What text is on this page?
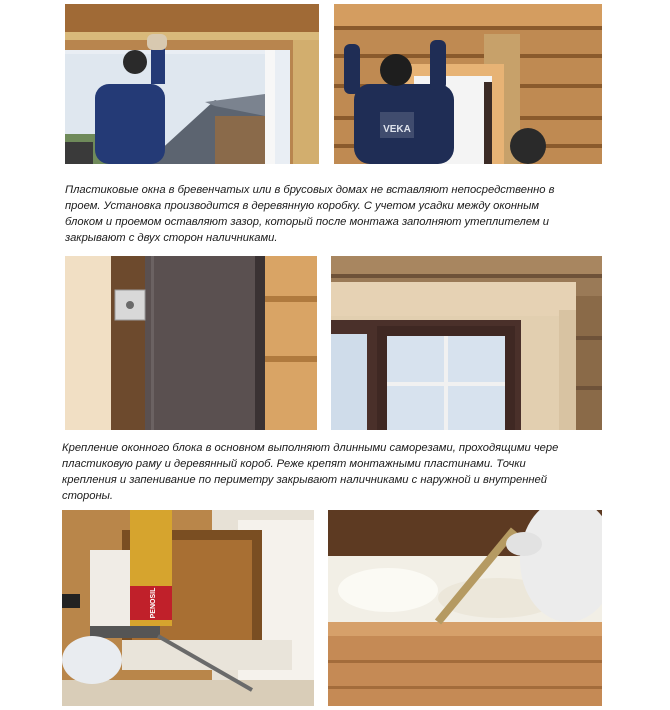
VEKA
Пластиковые окна в бревенчатых или в брусовых домах не вставляют непосредственно в
проем. Установка производится в деревянную коробку. С учетом усадки между оконным
блоком и проемом оставляют зазор, который после монтажа заполняют утеплителем и
закрывают с двух сторон наличниками.
Крепление оконного блока в основном выполняют длинными саморезами, проходящими чере
пластиковую раму и деревянный короб. Реже крепят монтажными пластинами. Точки
крепления и запенивание по периметру закрывают наличниками с наружной и внутренней
стороны.
PENOSIL
